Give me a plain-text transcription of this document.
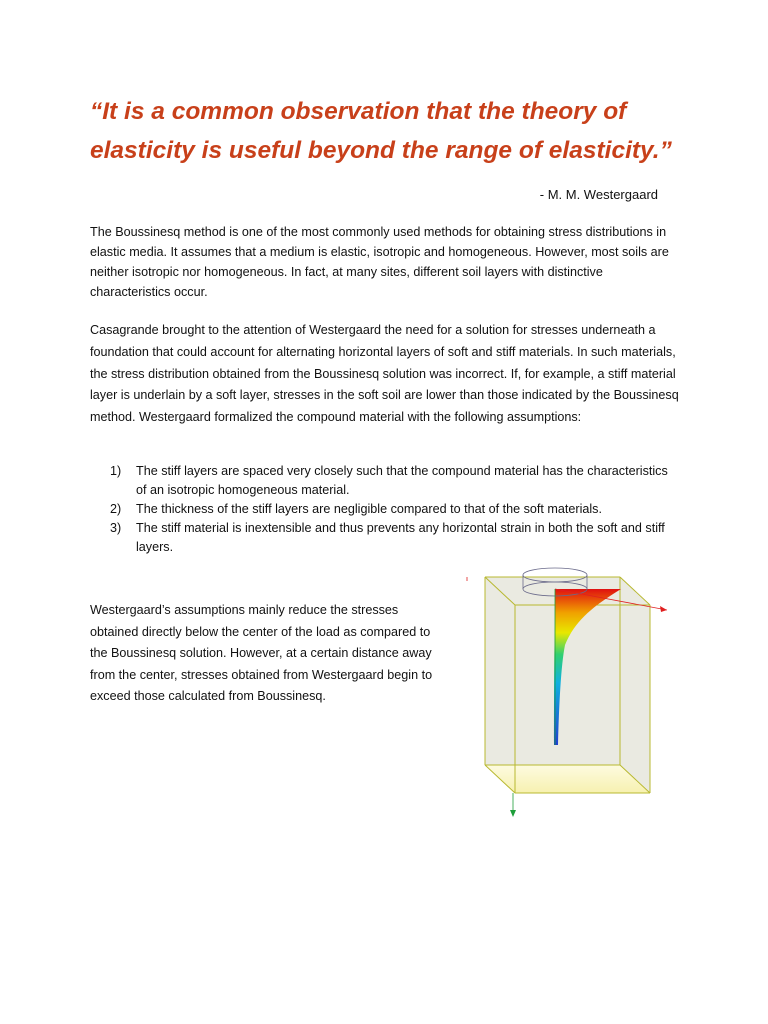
“It is a common observation that the theory of elasticity is useful beyond the range of elasticity.”

- M. M. Westergaard

The Boussinesq method is one of the most commonly used methods for obtaining stress distributions in elastic media. It assumes that a medium is elastic, isotropic and homogeneous. However, most soils are neither isotropic nor homogeneous. In fact, at many sites, different soil layers with distinctive characteristics occur.

Casagrande brought to the attention of Westergaard the need for a solution for stresses underneath a foundation that could account for alternating horizontal layers of soft and stiff materials. In such materials, the stress distribution obtained from the Boussinesq solution was incorrect. If, for example, a stiff material layer is underlain by a soft layer, stresses in the soft soil are lower than those indicated by the Boussinesq method. Westergaard formalized the compound material with the following assumptions:

1) The stiff layers are spaced very closely such that the compound material has the characteristics of an isotropic homogeneous material.
2) The thickness of the stiff layers are negligible compared to that of the soft materials.
3) The stiff material is inextensible and thus prevents any horizontal strain in both the soft and stiff layers.

Westergaard’s assumptions mainly reduce the stresses obtained directly below the center of the load as compared to the Boussinesq solution. However, at a certain distance away from the center, stresses obtained from Westergaard begin to exceed those calculated from Boussinesq.
